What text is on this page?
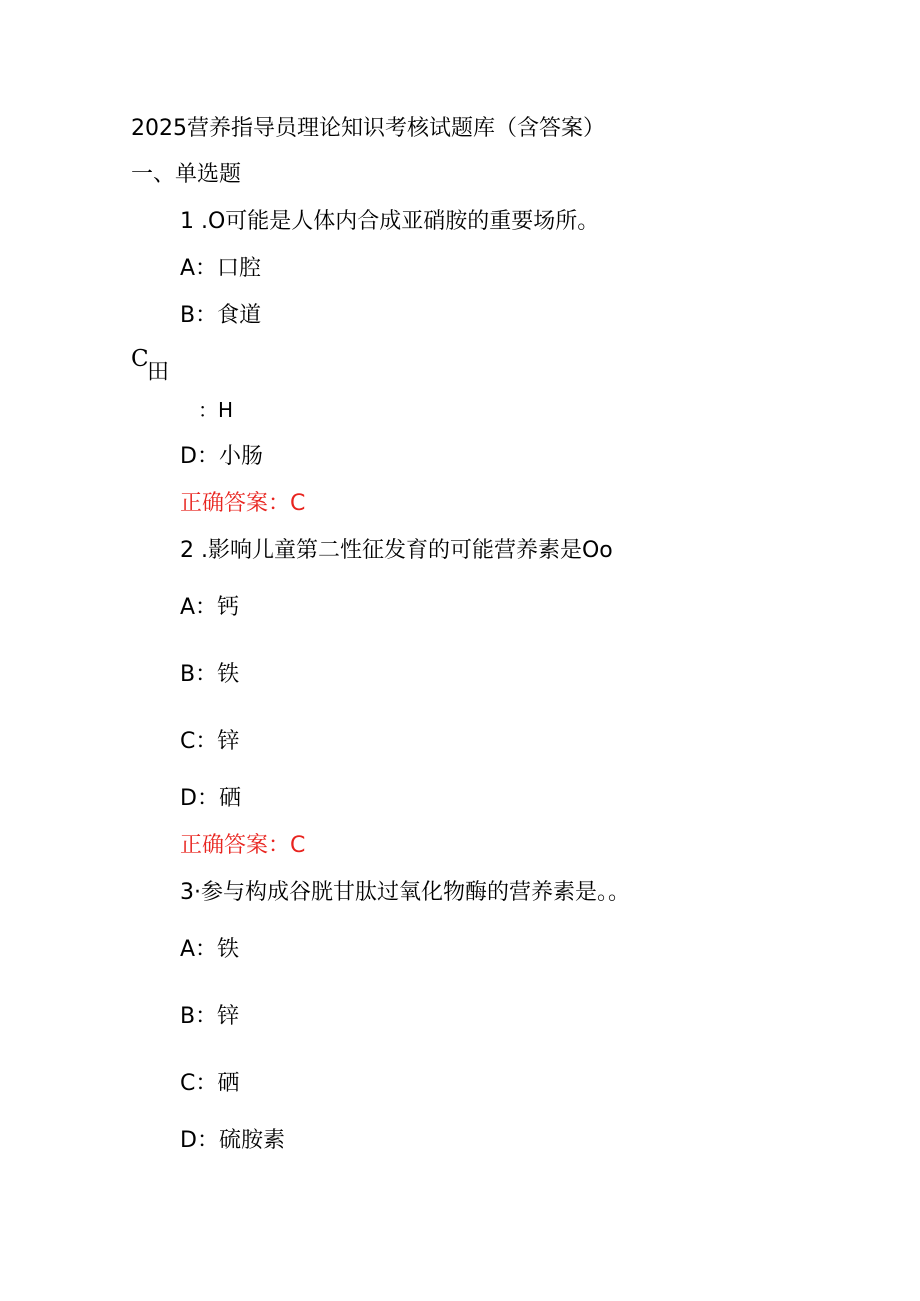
2025营养指导员理论知识考核试题库（含答案）
一、单选题
1 .O可能是人体内合成亚硝胺的重要场所。
A：口腔
B：食道
C
田
：H
D：小肠
正确答案：C
2 .影响儿童第二性征发育的可能营养素是Oo
A：钙
B：铁
C：锌
D：硒
正确答案：C
3·参与构成谷胱甘肽过氧化物酶的营养素是。。
A：铁
B：锌
C：硒
D：硫胺素
